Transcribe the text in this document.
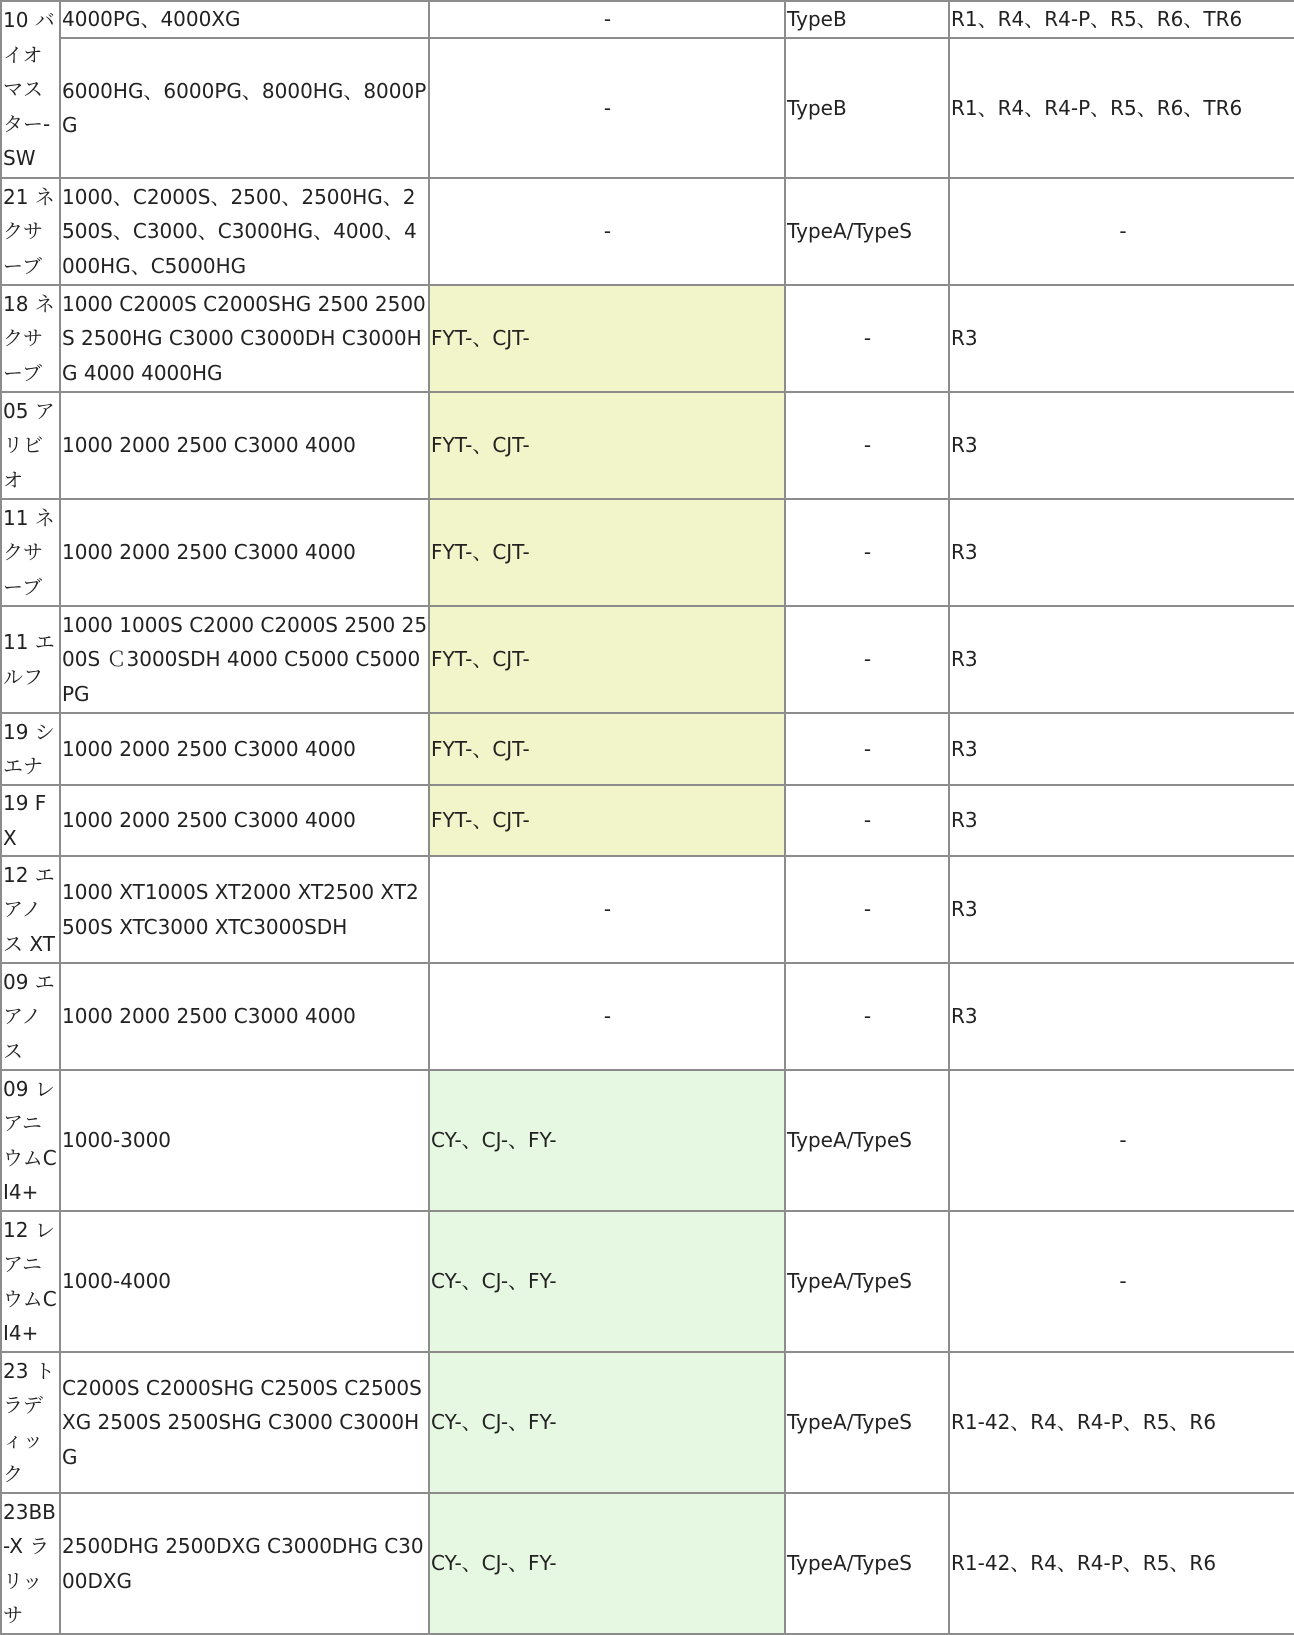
10 バイオマスター-SW	4000PG、4000XG	-	TypeB	R1、R4、R4-P、R5、R6、TR6
	6000HG、6000PG、8000HG、8000PG	-	TypeB	R1、R4、R4-P、R5、R6、TR6
21 ネクサーブ	1000、C2000S、2500、2500HG、2500S、C3000、C3000HG、4000、4000HG、C5000HG	-	TypeA/TypeS	-
18 ネクサーブ	1000 C2000S C2000SHG 2500 2500S 2500HG C3000 C3000DH C3000HG 4000 4000HG	FYT-、CJT-	-	R3
05 アリビオ	1000 2000 2500 C3000 4000	FYT-、CJT-	-	R3
11 ネクサーブ	1000 2000 2500 C3000 4000	FYT-、CJT-	-	R3
11 エルフ	1000 1000S C2000 C2000S 2500 2500S Ｃ3000SDH 4000 C5000 C5000PG	FYT-、CJT-	-	R3
19 シエナ	1000 2000 2500 C3000 4000	FYT-、CJT-	-	R3
19 FX	1000 2000 2500 C3000 4000	FYT-、CJT-	-	R3
12 エアノス XT	1000 XT1000S XT2000 XT2500 XT2500S XTC3000 XTC3000SDH	-	-	R3
09 エアノス	1000 2000 2500 C3000 4000	-	-	R3
09 レアニウムCI4+	1000-3000	CY-、CJ-、FY-	TypeA/TypeS	-
12 レアニウムCI4+	1000-4000	CY-、CJ-、FY-	TypeA/TypeS	-
23 トラディック	C2000S C2000SHG C2500S C2500SXG 2500S 2500SHG C3000 C3000HG	CY-、CJ-、FY-	TypeA/TypeS	R1-42、R4、R4-P、R5、R6
23BB-X ラリッサ	2500DHG 2500DXG C3000DHG C3000DXG	CY-、CJ-、FY-	TypeA/TypeS	R1-42、R4、R4-P、R5、R6
